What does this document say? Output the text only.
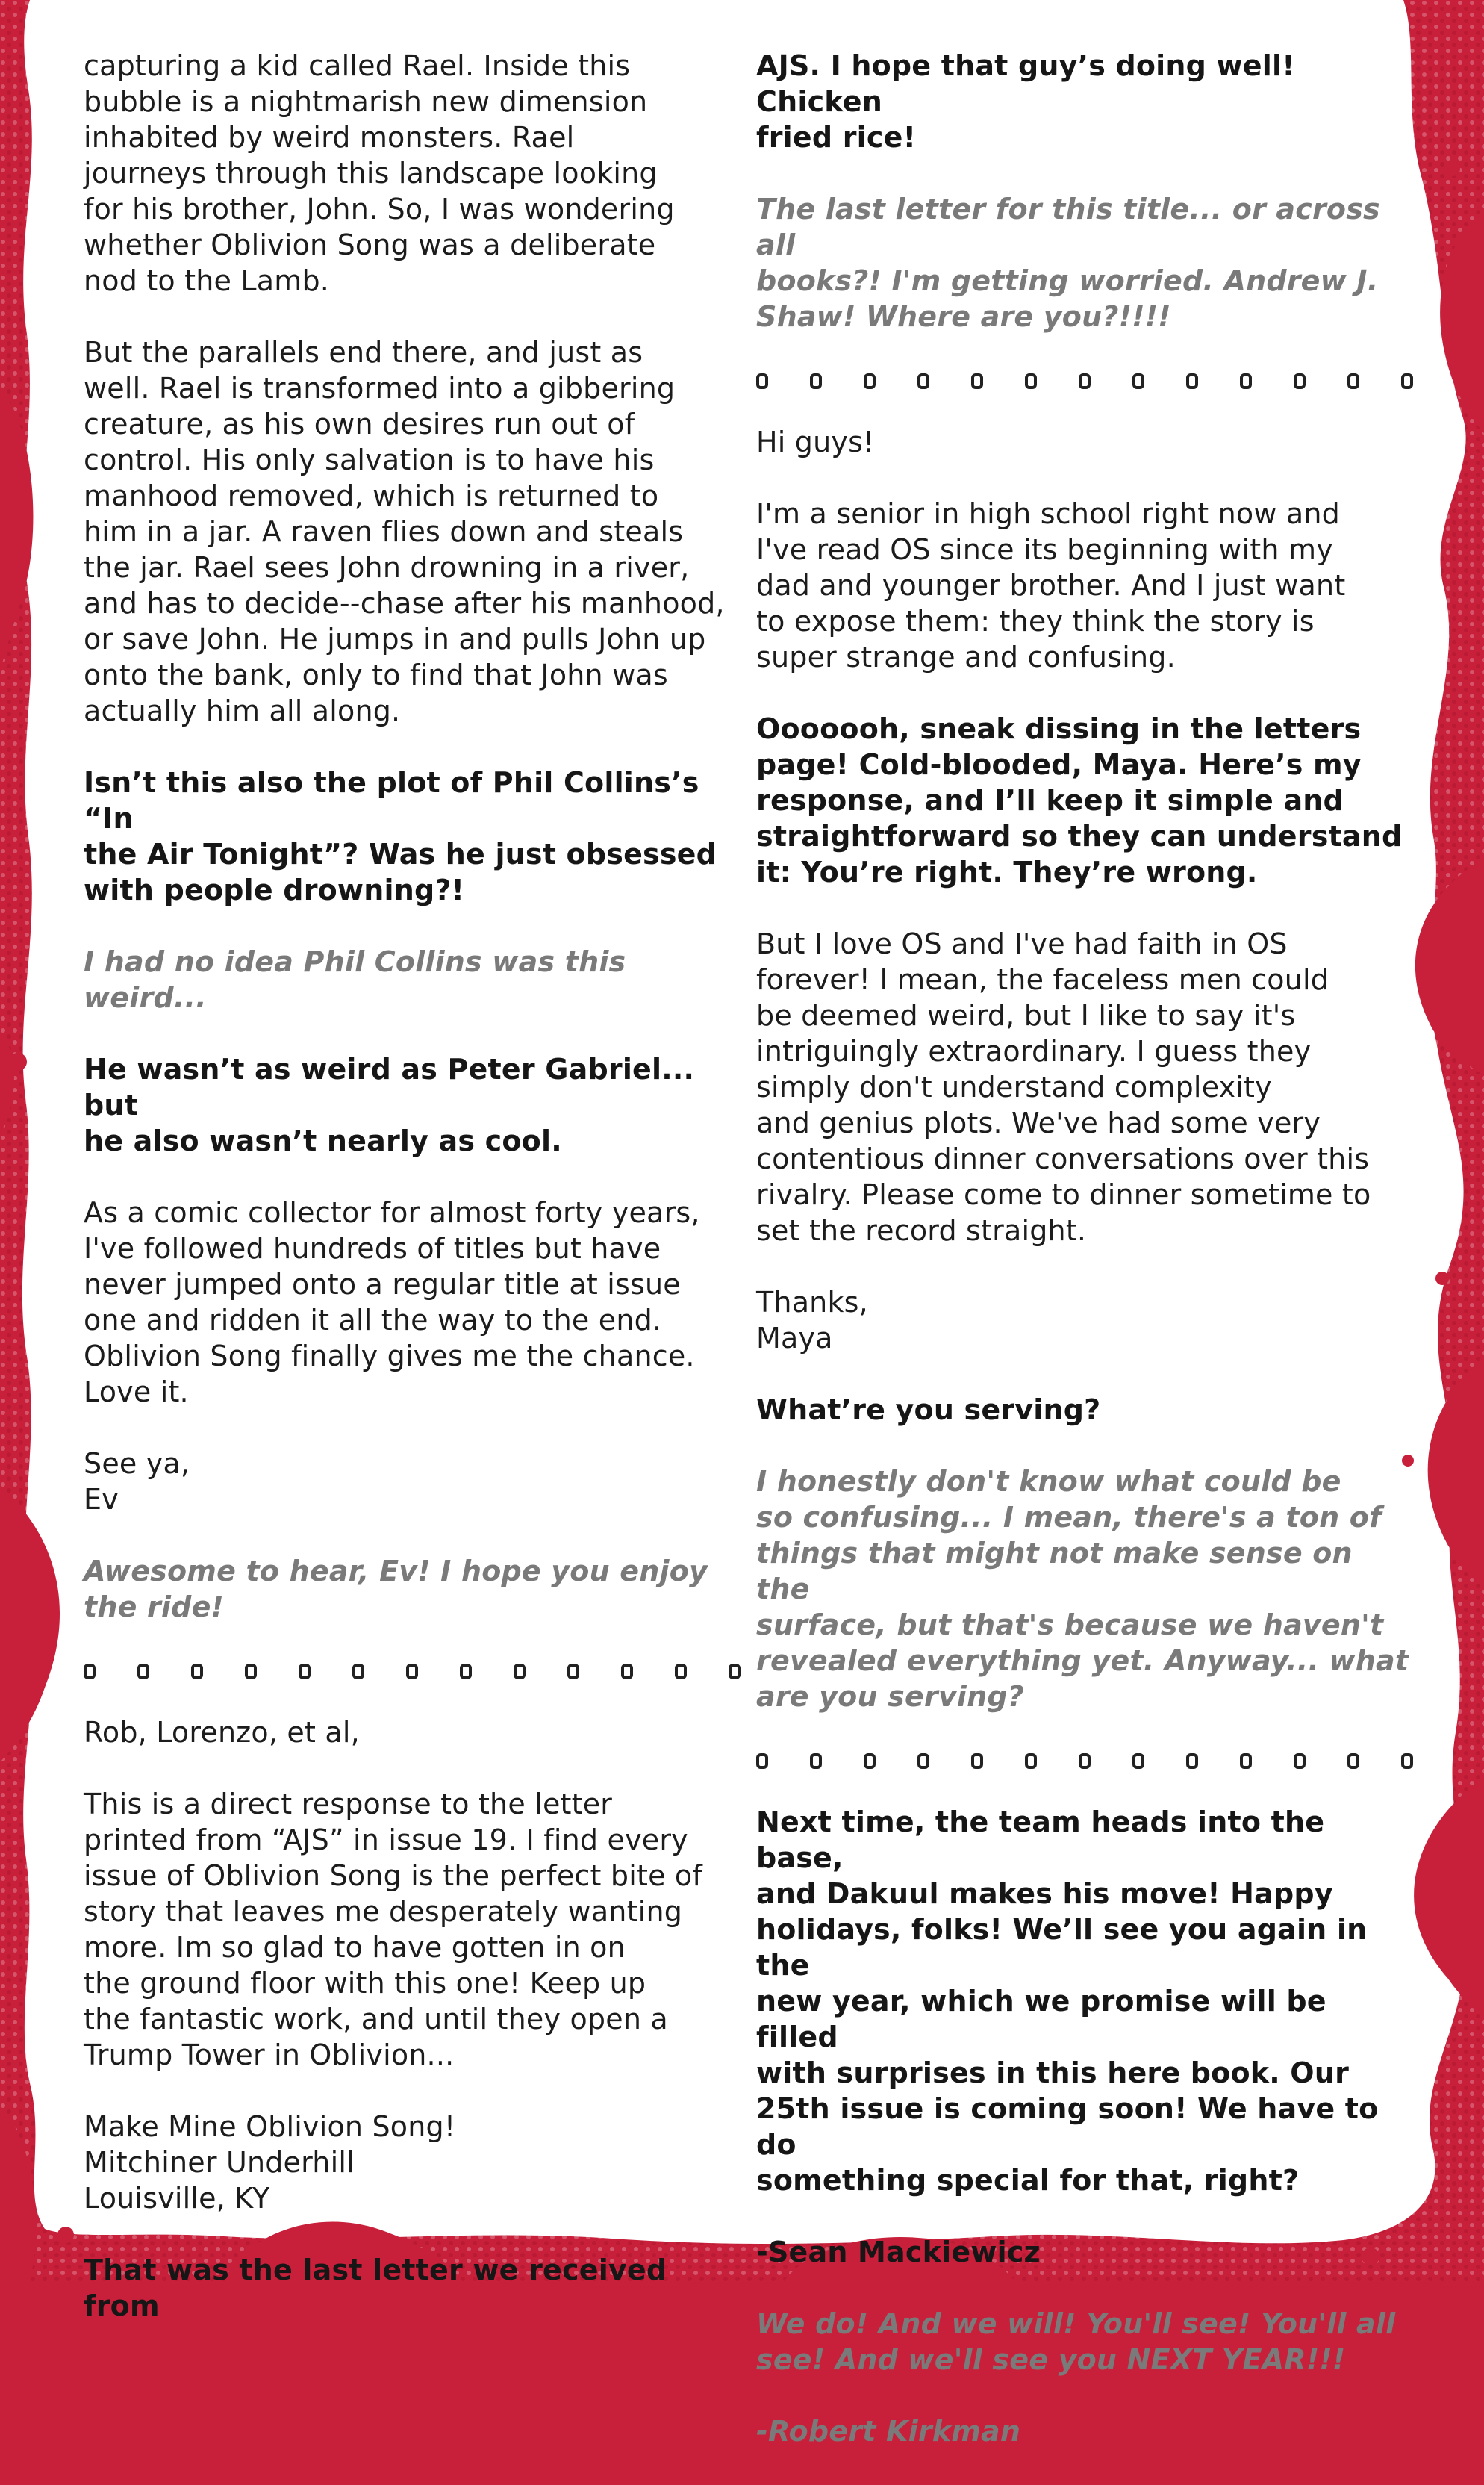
capturing a kid called Rael. Inside this
bubble is a nightmarish new dimension
inhabited by weird monsters. Rael
journeys through this landscape looking
for his brother, John. So, I was wondering
whether Oblivion Song was a deliberate
nod to the Lamb.

But the parallels end there, and just as
well. Rael is transformed into a gibbering
creature, as his own desires run out of
control. His only salvation is to have his
manhood removed, which is returned to
him in a jar. A raven flies down and steals
the jar. Rael sees John drowning in a river,
and has to decide--chase after his manhood,
or save John. He jumps in and pulls John up
onto the bank, only to find that John was
actually him all along.

Isn’t this also the plot of Phil Collins’s “In
the Air Tonight”? Was he just obsessed
with people drowning?!

I had no idea Phil Collins was this weird...

He wasn’t as weird as Peter Gabriel... but
he also wasn’t nearly as cool.

As a comic collector for almost forty years,
I've followed hundreds of titles but have
never jumped onto a regular title at issue
one and ridden it all the way to the end.
Oblivion Song finally gives me the chance.
Love it.

See ya,
Ev

Awesome to hear, Ev! I hope you enjoy
the ride!

Rob, Lorenzo, et al,

This is a direct response to the letter
printed from “AJS” in issue 19. I find every
issue of Oblivion Song is the perfect bite of
story that leaves me desperately wanting
more. Im so glad to have gotten in on
the ground floor with this one! Keep up
the fantastic work, and until they open a
Trump Tower in Oblivion...

Make Mine Oblivion Song!
Mitchiner Underhill
Louisville, KY

That was the last letter we received from

AJS. I hope that guy’s doing well! Chicken
fried rice!

The last letter for this title... or across all
books?! I'm getting worried. Andrew J.
Shaw! Where are you?!!!!

Hi guys!

I'm a senior in high school right now and
I've read OS since its beginning with my
dad and younger brother. And I just want
to expose them: they think the story is
super strange and confusing.

Ooooooh, sneak dissing in the letters
page! Cold-blooded, Maya. Here’s my
response, and I’ll keep it simple and
straightforward so they can understand
it: You’re right. They’re wrong.

But I love OS and I've had faith in OS
forever! I mean, the faceless men could
be deemed weird, but I like to say it's
intriguingly extraordinary. I guess they
simply don't understand complexity
and genius plots. We've had some very
contentious dinner conversations over this
rivalry. Please come to dinner sometime to
set the record straight.

Thanks,
Maya

What’re you serving?

I honestly don't know what could be
so confusing... I mean, there's a ton of
things that might not make sense on the
surface, but that's because we haven't
revealed everything yet. Anyway... what
are you serving?

Next time, the team heads into the base,
and Dakuul makes his move! Happy
holidays, folks! We’ll see you again in the
new year, which we promise will be filled
with surprises in this here book. Our
25th issue is coming soon! We have to do
something special for that, right?

-Sean Mackiewicz

We do! And we will! You'll see! You'll all
see! And we'll see you NEXT YEAR!!!

-Robert Kirkman
